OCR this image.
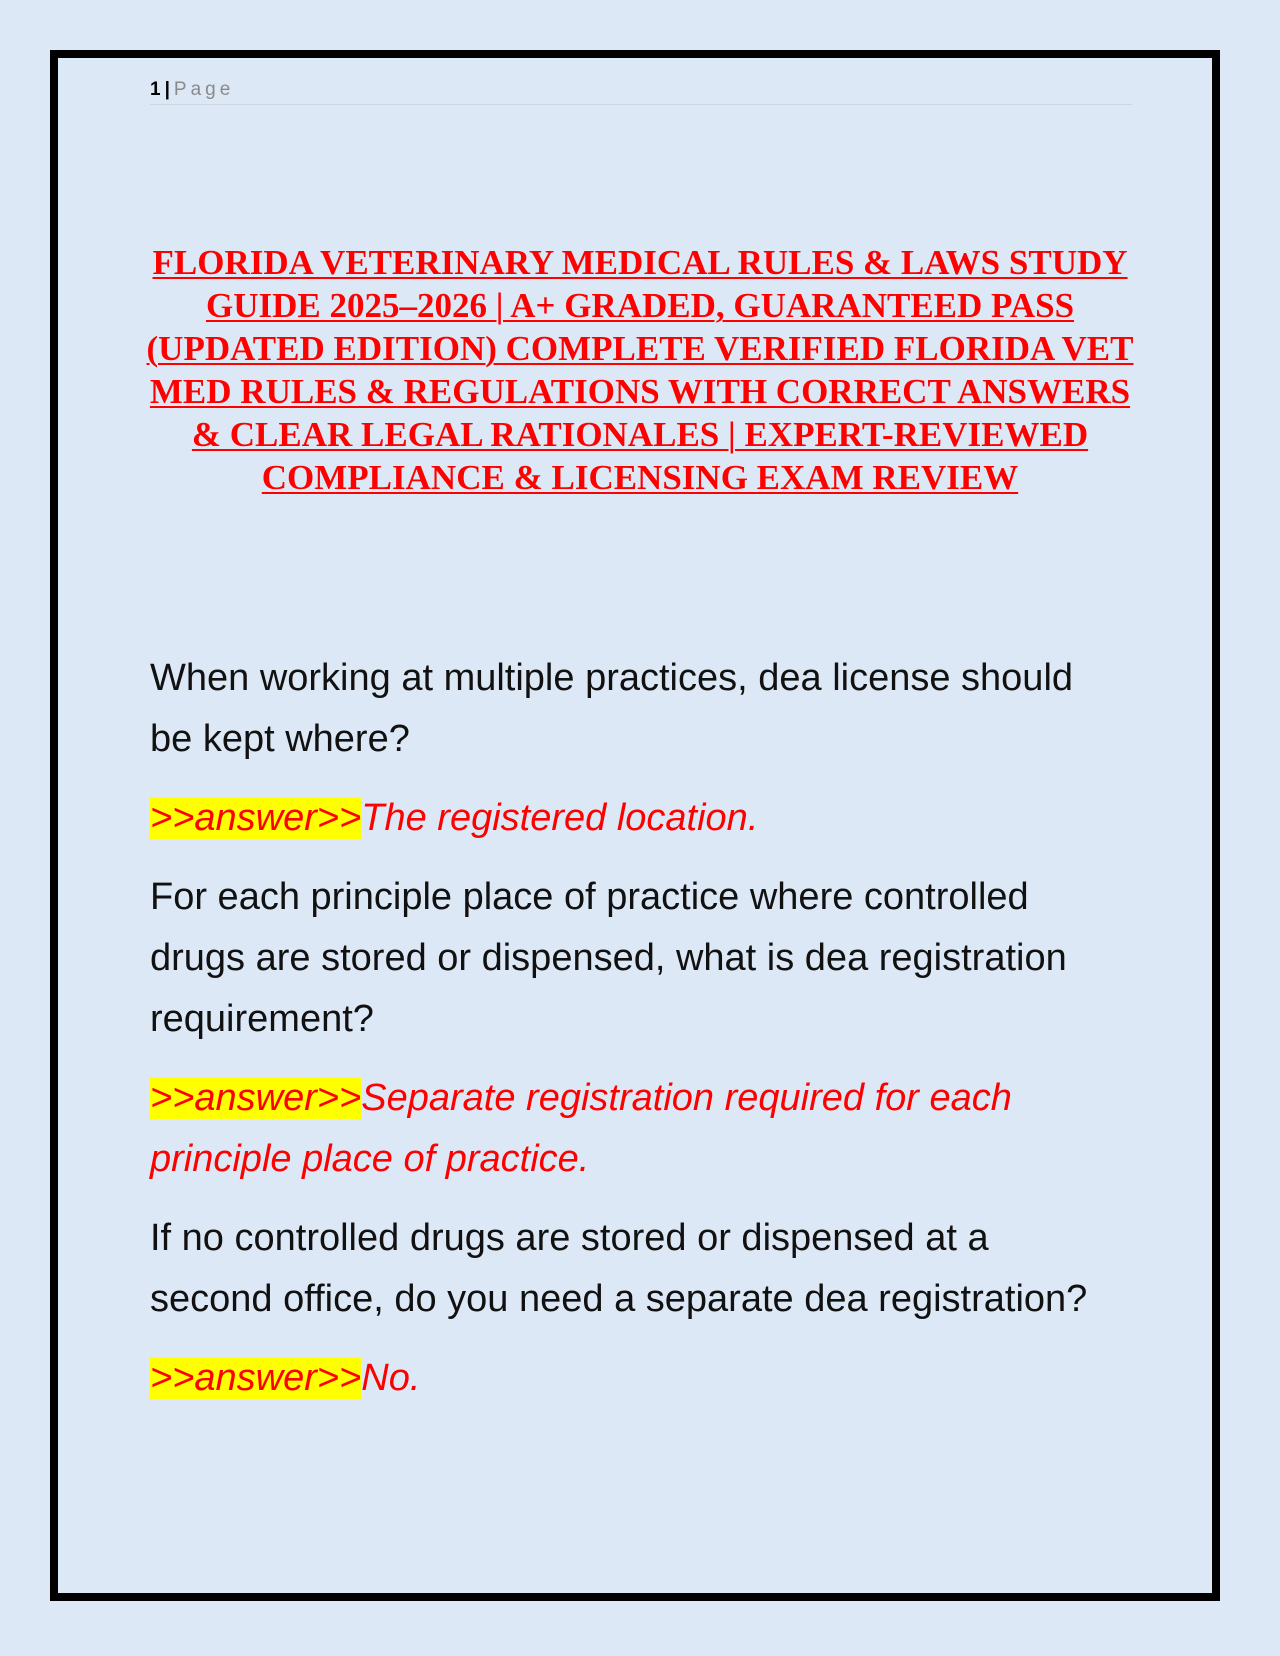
1 | Page
FLORIDA VETERINARY MEDICAL RULES & LAWS STUDY GUIDE 2025–2026 | A+ GRADED, GUARANTEED PASS (UPDATED EDITION) COMPLETE VERIFIED FLORIDA VET MED RULES & REGULATIONS WITH CORRECT ANSWERS & CLEAR LEGAL RATIONALES | EXPERT-REVIEWED COMPLIANCE & LICENSING EXAM REVIEW

When working at multiple practices, dea license should be kept where?

>>answer>>The registered location.

For each principle place of practice where controlled drugs are stored or dispensed, what is dea registration requirement?

>>answer>>Separate registration required for each principle place of practice.

If no controlled drugs are stored or dispensed at a second office, do you need a separate dea registration?

>>answer>>No.
